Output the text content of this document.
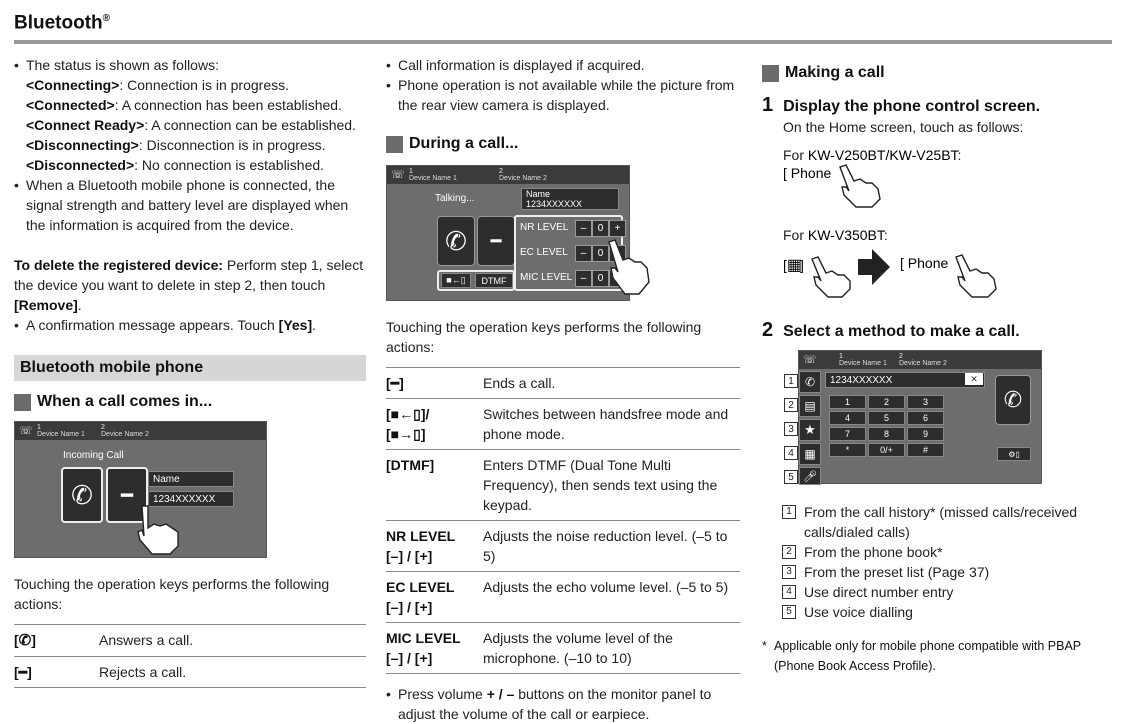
Bluetooth®
• The status is shown as follows:
<Connecting>: Connection is in progress.
<Connected>: A connection has been established.
<Connect Ready>: A connection can be established.
<Disconnecting>: Disconnection is in progress.
<Disconnected>: No connection is established.
• When a Bluetooth mobile phone is connected, the signal strength and battery level are displayed when the information is acquired from the device.
To delete the registered device: Perform step 1, select the device you want to delete in step 2, then touch [Remove].
• A confirmation message appears. Touch [Yes].
Bluetooth mobile phone
When a call comes in...
☏ 1
Device Name 1
2
Device Name 2
Incoming Call
✆ ━
Name
1234XXXXXX
Touching the operation keys performs the following actions:
[✆]	Answers a call.
[━]	Rejects a call.
• Call information is displayed if acquired.
• Phone operation is not available while the picture from the rear view camera is displayed.
During a call...
☏ 1
Device Name 1
2
Device Name 2
Talking...	Name
1234XXXXXX
✆ ━
NR LEVEL	–	0	+
EC LEVEL	–	0
■←▯	DTMF	MIC LEVEL –	0
Touching the operation keys performs the following actions:
[━]	Ends a call.
[■←▯]/
[■→▯]	Switches between handsfree mode and phone mode.
[DTMF]	Enters DTMF (Dual Tone Multi Frequency), then sends text using the keypad.
NR LEVEL
[–] / [+]	Adjusts the noise reduction level. (–5 to 5)
EC LEVEL
[–] / [+]	Adjusts the echo volume level. (–5 to 5)
MIC LEVEL
[–] / [+]	Adjusts the volume level of the microphone. (–10 to 10)
• Press volume + / – buttons on the monitor panel to adjust the volume of the call or earpiece.
Making a call
1 Display the phone control screen.
On the Home screen, touch as follows:
For KW-V250BT/KW-V25BT:
[ Phone
For KW-V350BT:
[▦]	[ Phone
2 Select a method to make a call.
1
2
3
4
5
☏	1
Device Name 1
2
Device Name 2
✆
▤
★
▦
🎤︎
1234XXXXXX	✕
1	2	3
4	5	6
7	8	9
*	0/+	#
✆
⚙▯
1 From the call history* (missed calls/received calls/dialed calls)
2 From the phone book*
3 From the preset list (Page 37)
4 Use direct number entry
5 Use voice dialling
* Applicable only for mobile phone compatible with PBAP (Phone Book Access Profile).
